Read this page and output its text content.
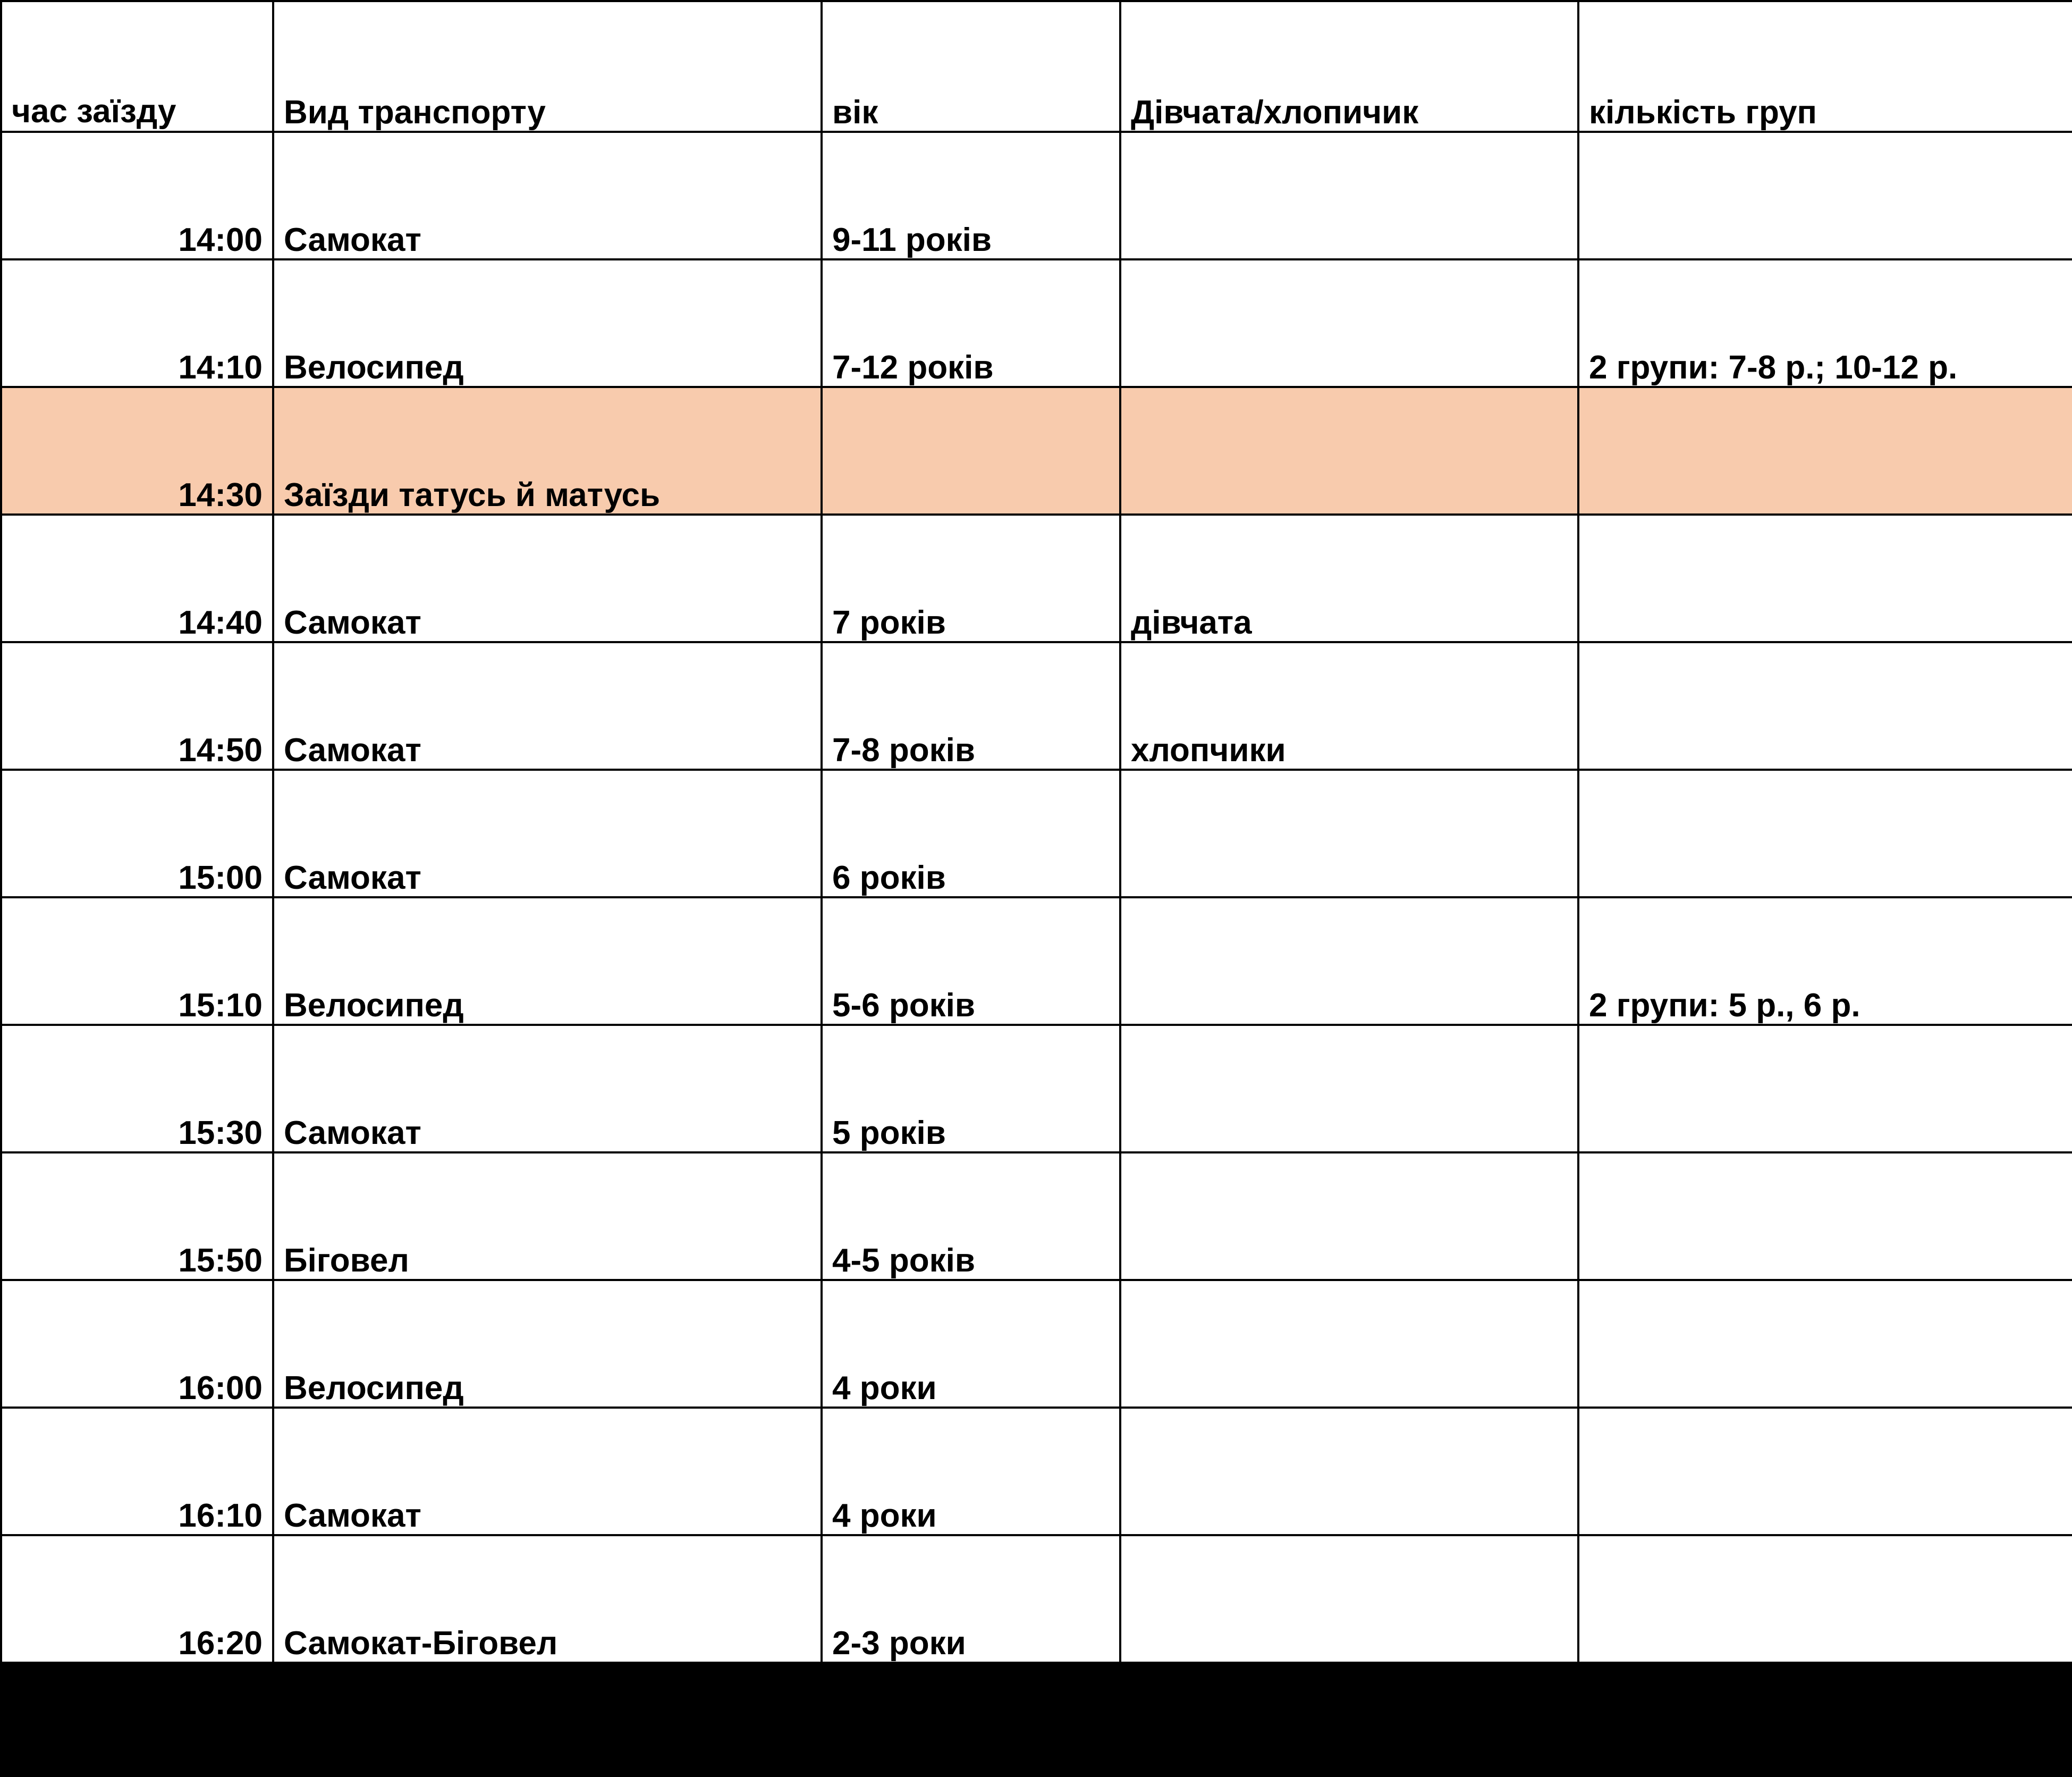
час заїзду	Вид транспорту	вік	Дівчата/хлопичик	кількість груп
14:00	Самокат	9-11 років		
14:10	Велосипед	7-12 років		2 групи: 7-8 р.; 10-12 р.
14:30	Заїзди татусь й матусь			
14:40	Самокат	7 років	дівчата	
14:50	Самокат	7-8 років	хлопчики	
15:00	Самокат	6 років		
15:10	Велосипед	5-6 років		2 групи: 5 р., 6 р.
15:30	Самокат	5 років		
15:50	Біговел	4-5 років		
16:00	Велосипед	4 роки		
16:10	Самокат	4 роки		
16:20	Самокат-Біговел	2-3 роки		
